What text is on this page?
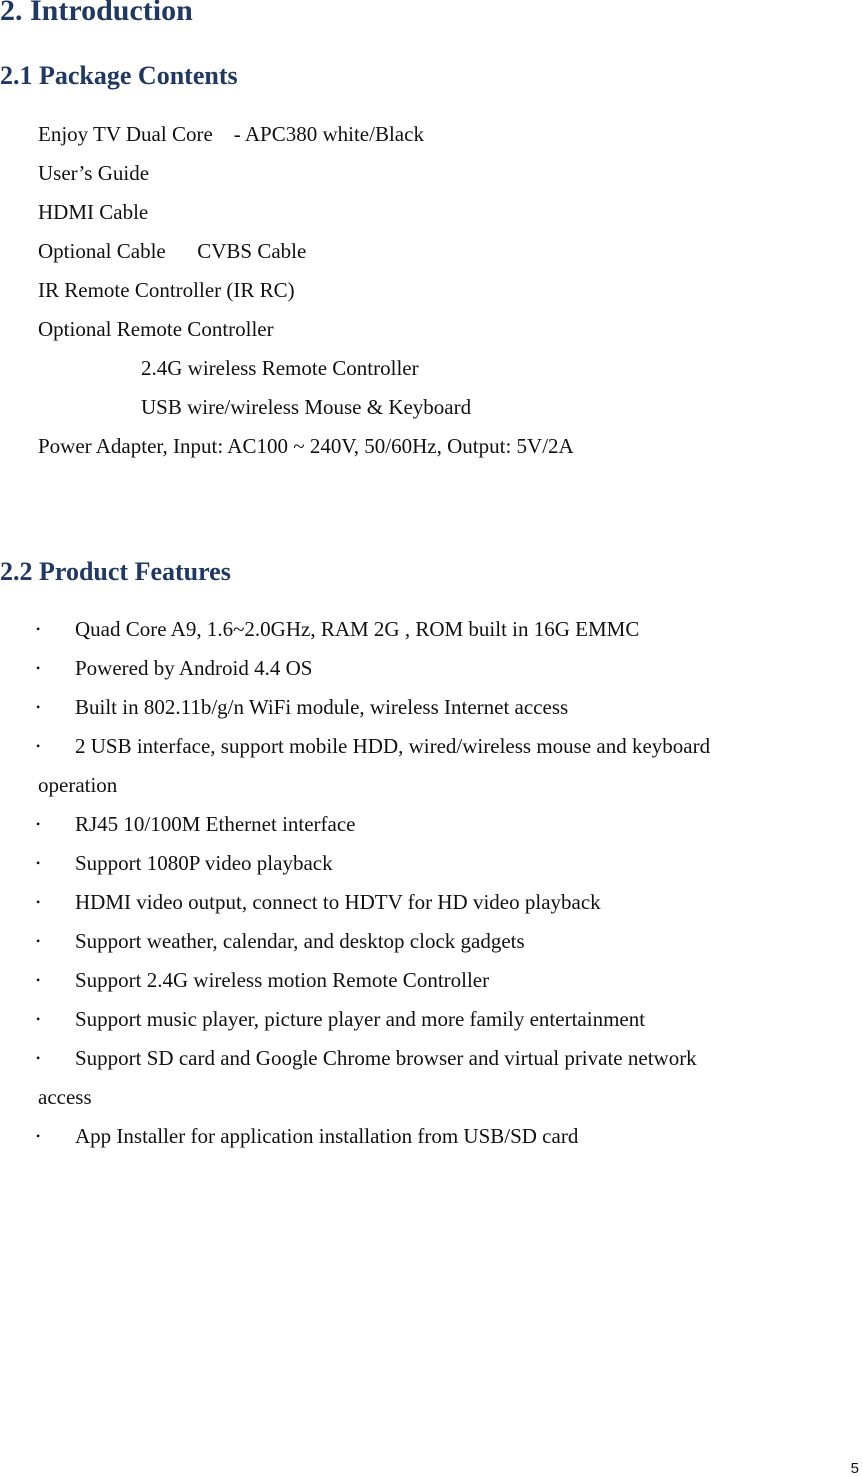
2. Introduction
2.1 Package Contents
Enjoy TV Dual Core    - APC380 white/Black
User’s Guide
HDMI Cable
Optional Cable      CVBS Cable
IR Remote Controller (IR RC)
Optional Remote Controller
2.4G wireless Remote Controller
USB wire/wireless Mouse & Keyboard
Power Adapter, Input: AC100 ~ 240V, 50/60Hz, Output: 5V/2A
2.2 Product Features
• Quad Core A9, 1.6~2.0GHz, RAM 2G , ROM built in 16G EMMC
• Powered by Android 4.4 OS
• Built in 802.11b/g/n WiFi module, wireless Internet access
• 2 USB interface, support mobile HDD, wired/wireless mouse and keyboard
operation
• RJ45 10/100M Ethernet interface
• Support 1080P video playback
• HDMI video output, connect to HDTV for HD video playback
• Support weather, calendar, and desktop clock gadgets
• Support 2.4G wireless motion Remote Controller
• Support music player, picture player and more family entertainment
• Support SD card and Google Chrome browser and virtual private network
access
• App Installer for application installation from USB/SD card
5
